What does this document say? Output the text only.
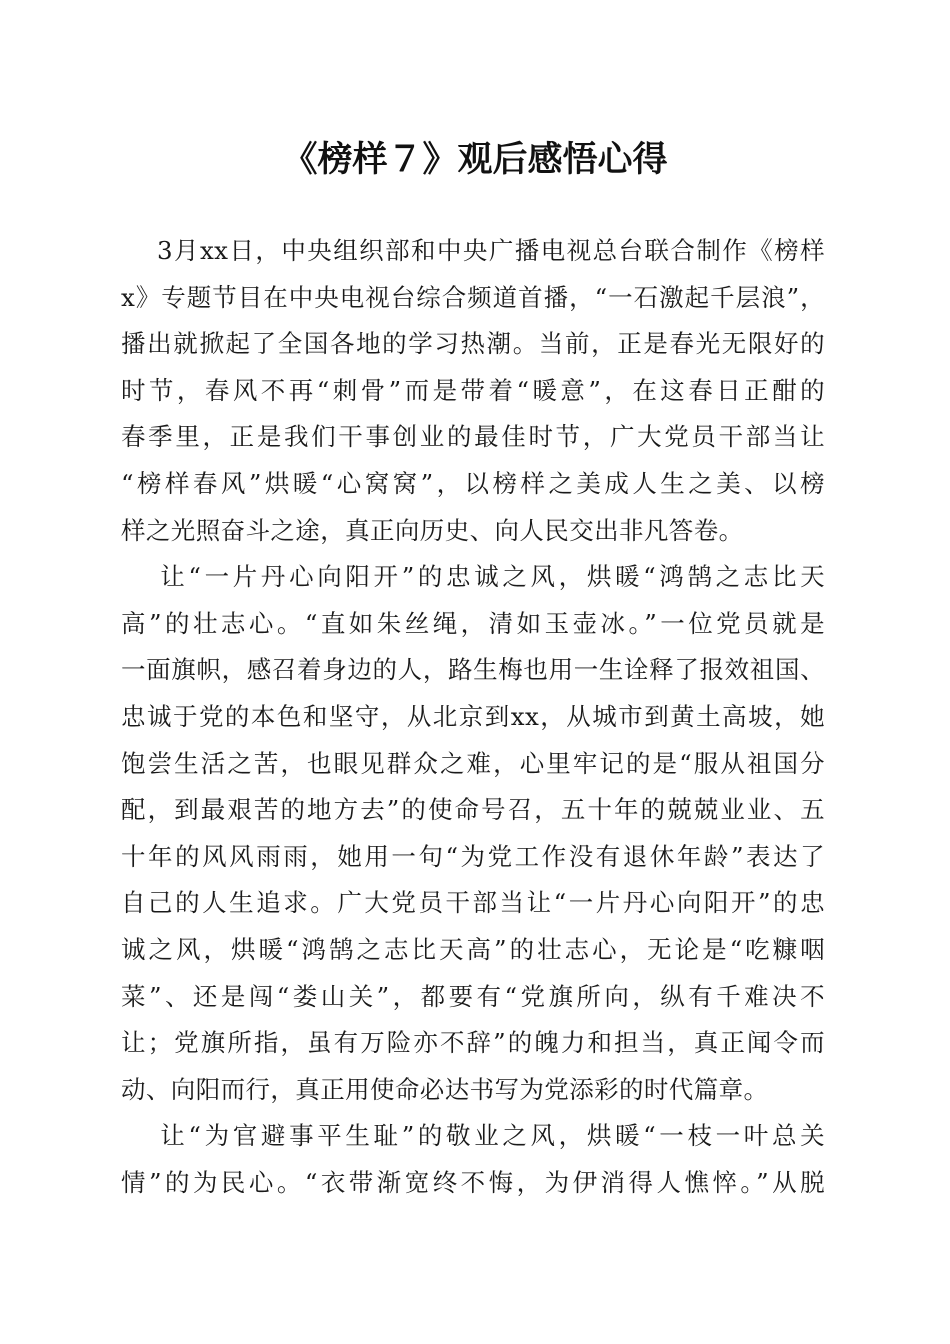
《榜样７》观后感悟心得
3月xx日，中央组织部和中央广播电视总台联合制作《榜样
x》专题节目在中央电视台综合频道首播，“一石激起千层浪”，
播出就掀起了全国各地的学习热潮。当前，正是春光无限好的
时节，春风不再“刺骨”而是带着“暖意”，在这春日正酣的
春季里，正是我们干事创业的最佳时节，广大党员干部当让
“榜样春风”烘暖“心窝窝”，以榜样之美成人生之美、以榜
样之光照奋斗之途，真正向历史、向人民交出非凡答卷。
让“一片丹心向阳开”的忠诚之风，烘暖“鸿鹄之志比天
高”的壮志心。“直如朱丝绳，清如玉壶冰。”一位党员就是
一面旗帜，感召着身边的人，路生梅也用一生诠释了报效祖国、
忠诚于党的本色和坚守，从北京到xx，从城市到黄土高坡，她
饱尝生活之苦，也眼见群众之难，心里牢记的是“服从祖国分
配，到最艰苦的地方去”的使命号召，五十年的兢兢业业、五
十年的风风雨雨，她用一句“为党工作没有退休年龄”表达了
自己的人生追求。广大党员干部当让“一片丹心向阳开”的忠
诚之风，烘暖“鸿鹄之志比天高”的壮志心，无论是“吃糠咽
菜”、还是闯“娄山关”，都要有“党旗所向，纵有千难决不
让；党旗所指，虽有万险亦不辞”的魄力和担当，真正闻令而
动、向阳而行，真正用使命必达书写为党添彩的时代篇章。
让“为官避事平生耻”的敬业之风，烘暖“一枝一叶总关
情”的为民心。“衣带渐宽终不悔，为伊消得人憔悴。”从脱
